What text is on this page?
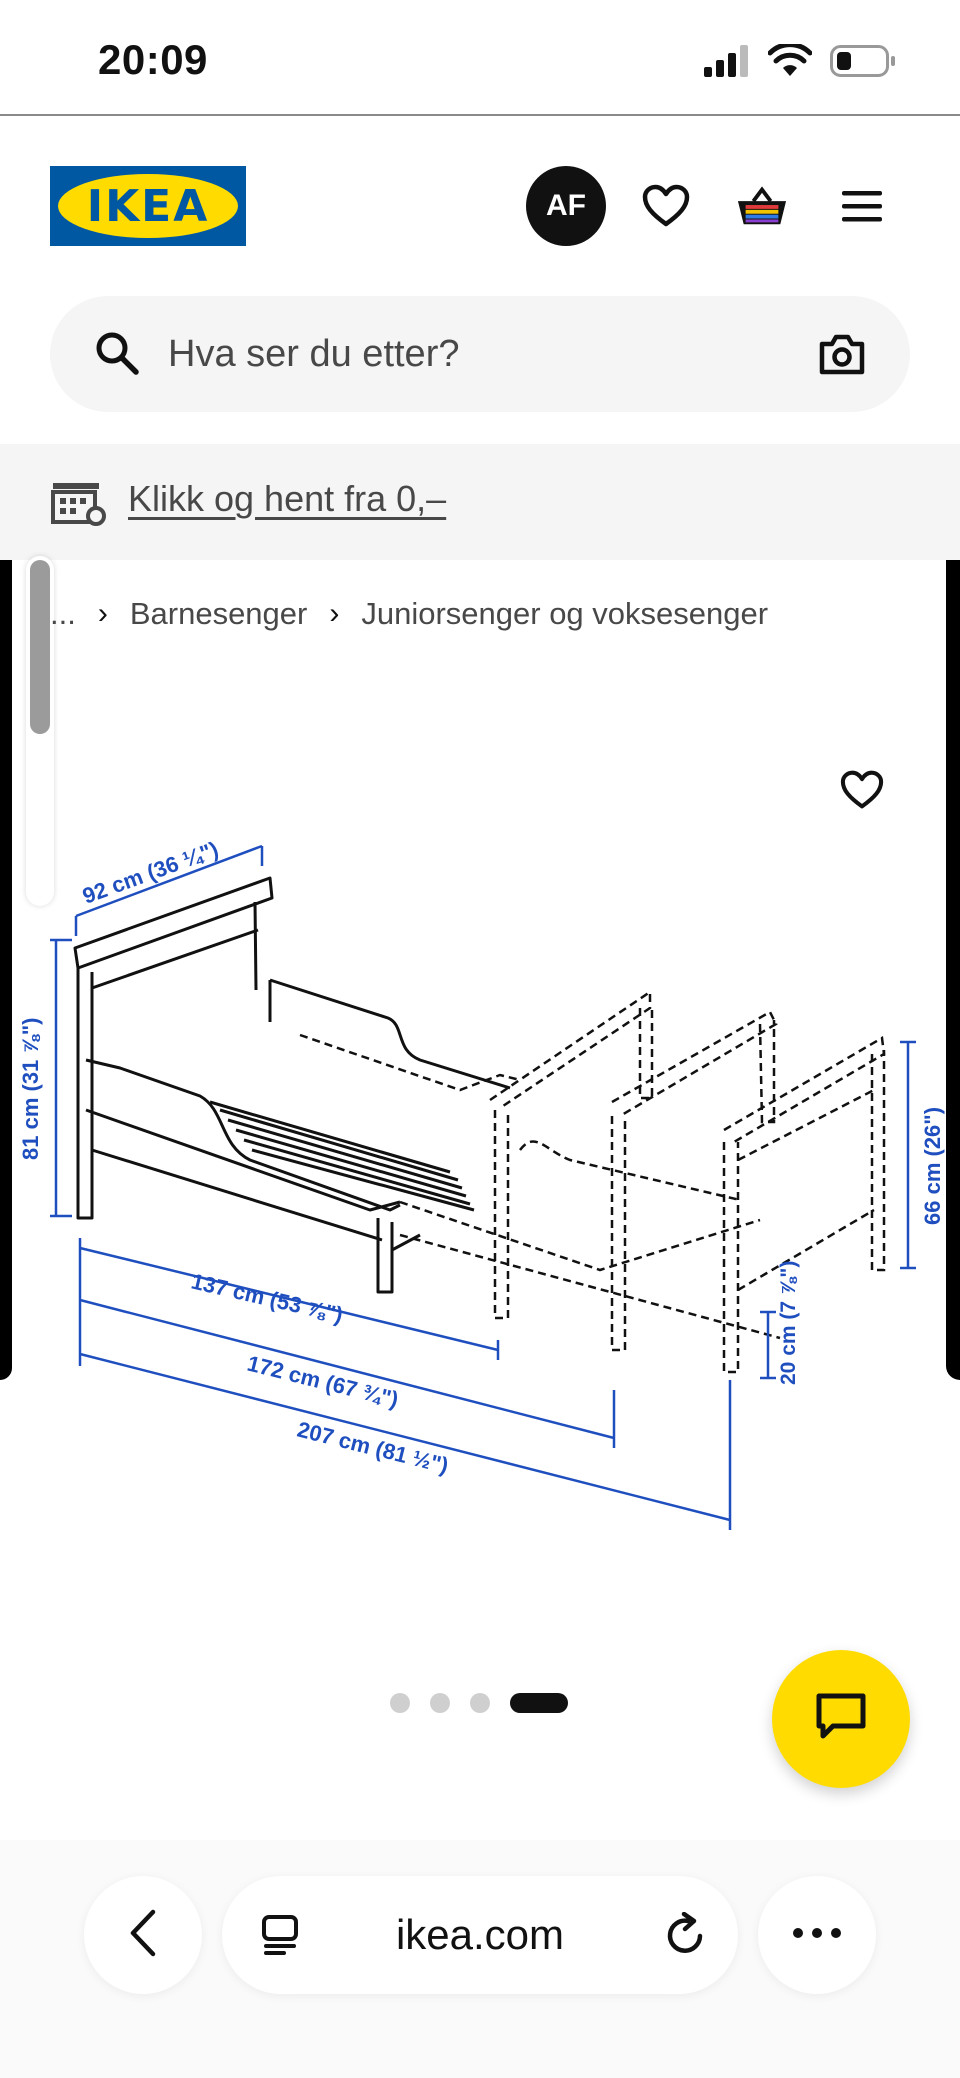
20:09
IKEA	AF
Hva ser du etter?
Klikk og hent fra 0,–
... › Barnesenger › Juniorsenger og voksesenger
92 cm (36 ¼")
81 cm (31 ⅞")
66 cm (26")
20 cm (7 ⅞")
137 cm (53 ⅞")
172 cm (67 ¾")
207 cm (81 ½")
ikea.com
